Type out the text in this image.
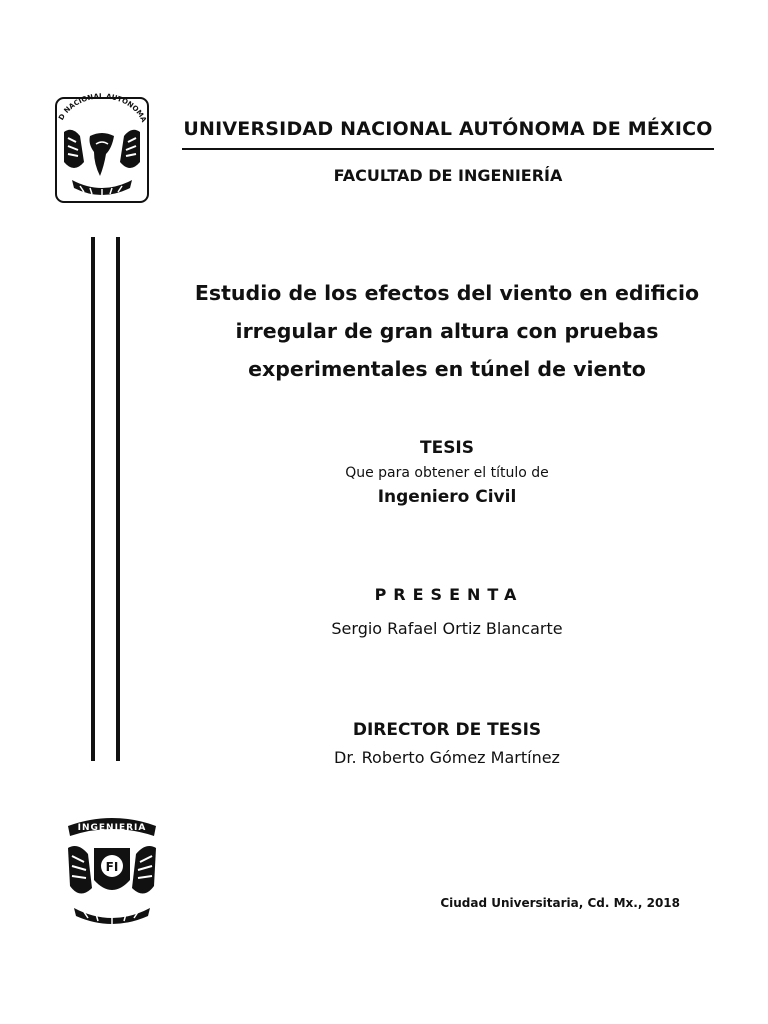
D NACIONAL AUTONOMA UNIVERSIDAD NACIONAL AUTÓNOMA DE MÉXICO
FACULTAD DE INGENIERÍA
Estudio de los efectos del viento en edificio
irregular de gran altura con pruebas
experimentales en túnel de viento
TESIS
Que para obtener el título de
Ingeniero Civil
PRESENTA
Sergio Rafael Ortiz Blancarte
DIRECTOR DE TESIS
Dr. Roberto Gómez Martínez
INGENIERIA
FI
Ciudad Universitaria, Cd. Mx., 2018
